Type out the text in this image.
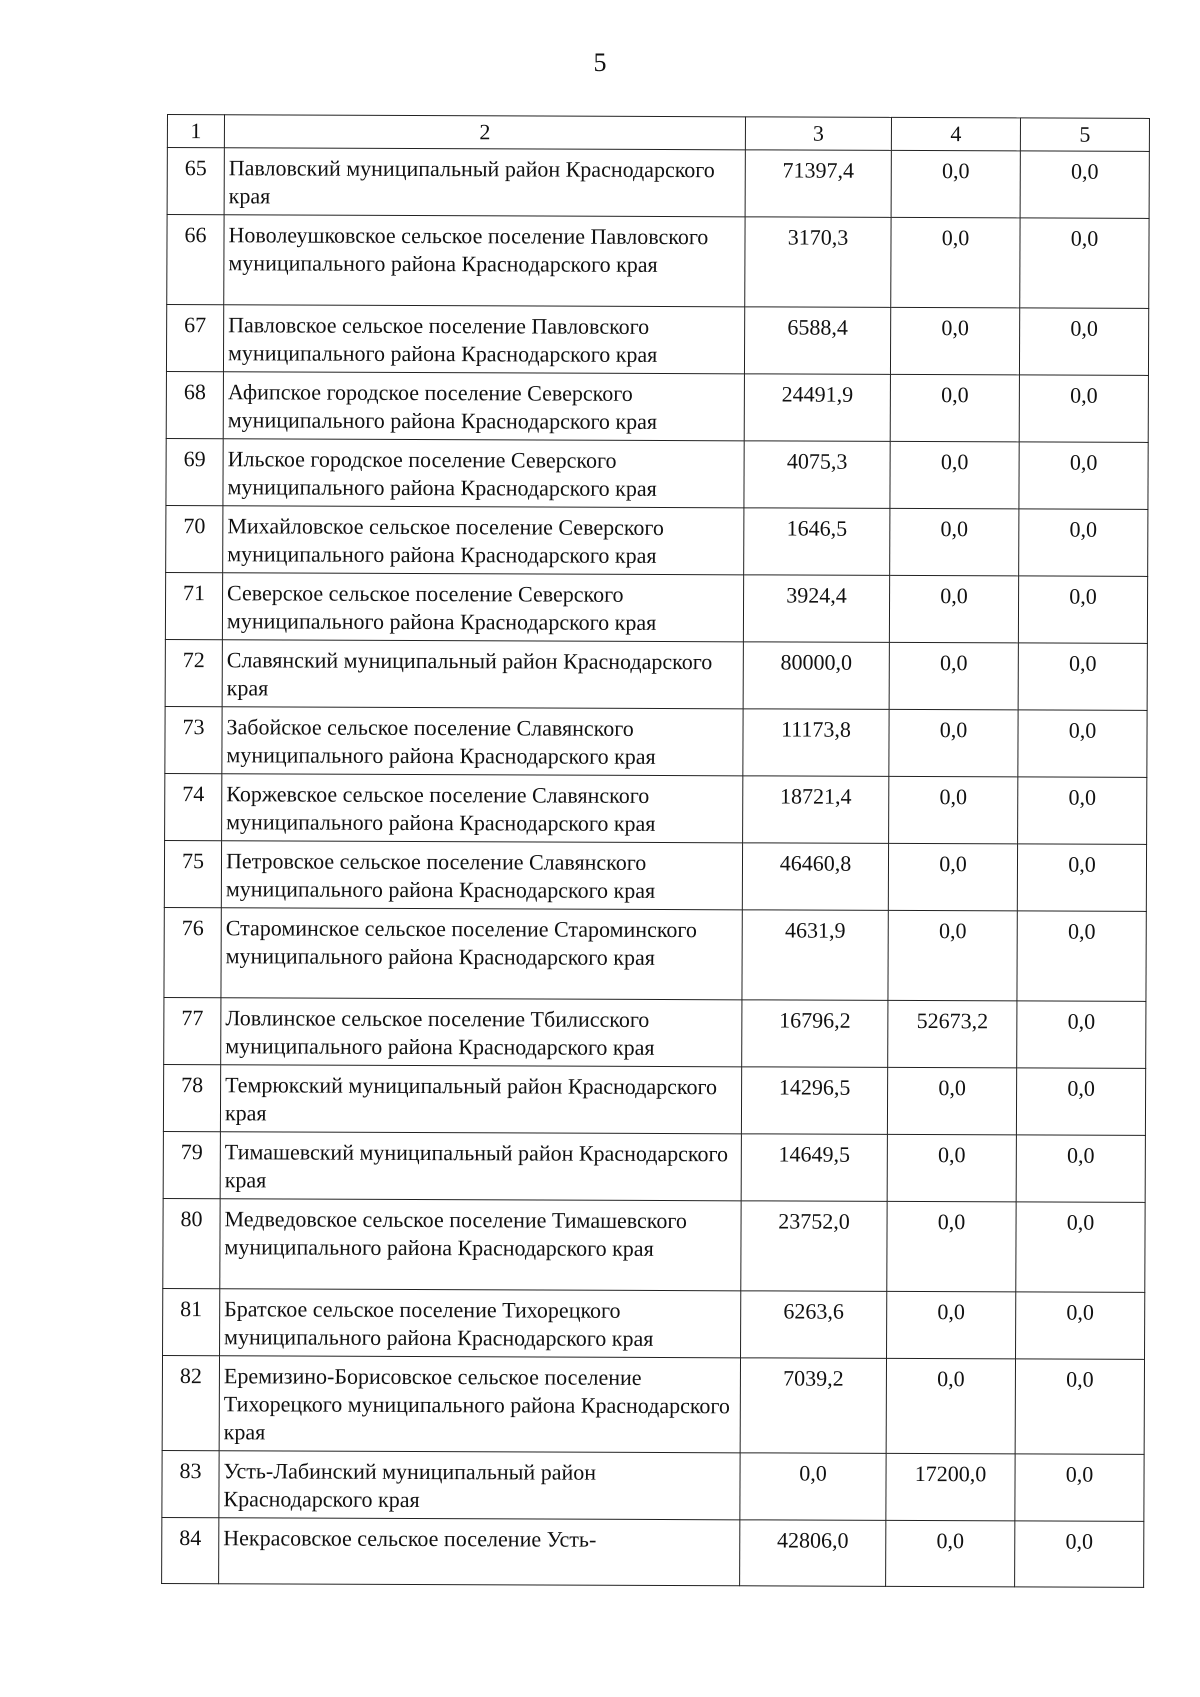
5
1	2	3	4	5
65	Павловский муниципальный район Краснодарского края	71397,4	0,0	0,0
66	Новолеушковское сельское поселение Павловского муниципального района Краснодарского края	3170,3	0,0	0,0
67	Павловское сельское поселение Павловского муниципального района Краснодарского края	6588,4	0,0	0,0
68	Афипское городское поселение Северского муниципального района Краснодарского края	24491,9	0,0	0,0
69	Ильское городское поселение Северского муниципального района Краснодарского края	4075,3	0,0	0,0
70	Михайловское сельское поселение Северского муниципального района Краснодарского края	1646,5	0,0	0,0
71	Северское сельское поселение Северского муниципального района Краснодарского края	3924,4	0,0	0,0
72	Славянский муниципальный район Краснодарского края	80000,0	0,0	0,0
73	Забойское сельское поселение Славянского муниципального района Краснодарского края	11173,8	0,0	0,0
74	Коржевское сельское поселение Славянского муниципального района Краснодарского края	18721,4	0,0	0,0
75	Петровское сельское поселение Славянского муниципального района Краснодарского края	46460,8	0,0	0,0
76	Староминское сельское поселение Староминского муниципального района Краснодарского края	4631,9	0,0	0,0
77	Ловлинское сельское поселение Тбилисского муниципального района Краснодарского края	16796,2	52673,2	0,0
78	Темрюкский муниципальный район Краснодарского края	14296,5	0,0	0,0
79	Тимашевский муниципальный район Краснодарского края	14649,5	0,0	0,0
80	Медведовское сельское поселение Тимашевского муниципального района Краснодарского края	23752,0	0,0	0,0
81	Братское сельское поселение Тихорецкого муниципального района Краснодарского края	6263,6	0,0	0,0
82	Еремизино-Борисовское сельское поселение Тихорецкого муниципального района Краснодарского края	7039,2	0,0	0,0
83	Усть-Лабинский муниципальный район Краснодарского края	0,0	17200,0	0,0
84	Некрасовское сельское поселение Усть-	42806,0	0,0	0,0
